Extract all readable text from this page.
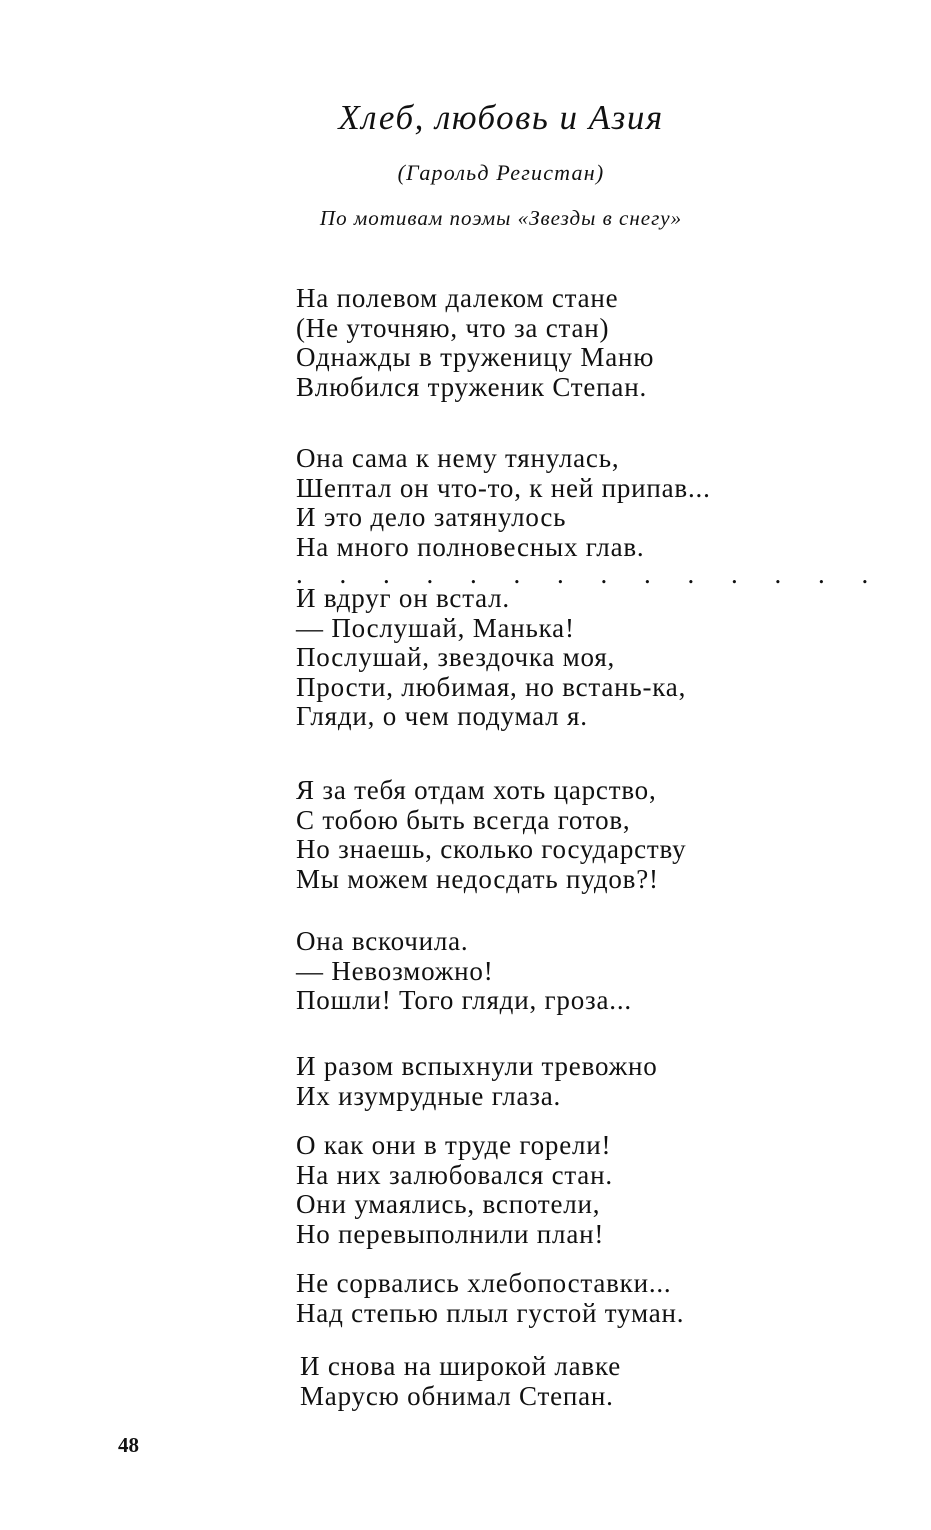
Хлеб, любовь и Азия
(Гарольд Регистан)
По мотивам поэмы «Звезды в снегу»
На полевом далеком стане
(Не уточняю, что за стан)
Однажды в труженицу Маню
Влюбился труженик Степан.
Она сама к нему тянулась,
Шептал он что-то, к ней припав...
И это дело затянулось
На много полновесных глав.
. . . . . . . . . . . . . .
И вдруг он встал.
— Послушай, Манька!
Послушай, звездочка моя,
Прости, любимая, но встань-ка,
Гляди, о чем подумал я.
Я за тебя отдам хоть царство,
С тобою быть всегда готов,
Но знаешь, сколько государству
Мы можем недосдать пудов?!
Она вскочила.
— Невозможно!
Пошли! Того гляди, гроза...
И разом вспыхнули тревожно
Их изумрудные глаза.
О как они в труде горели!
На них залюбовался стан.
Они умаялись, вспотели,
Но перевыполнили план!
Не сорвались хлебопоставки...
Над степью плыл густой туман.
И снова на широкой лавке
Марусю обнимал Степан.
48
